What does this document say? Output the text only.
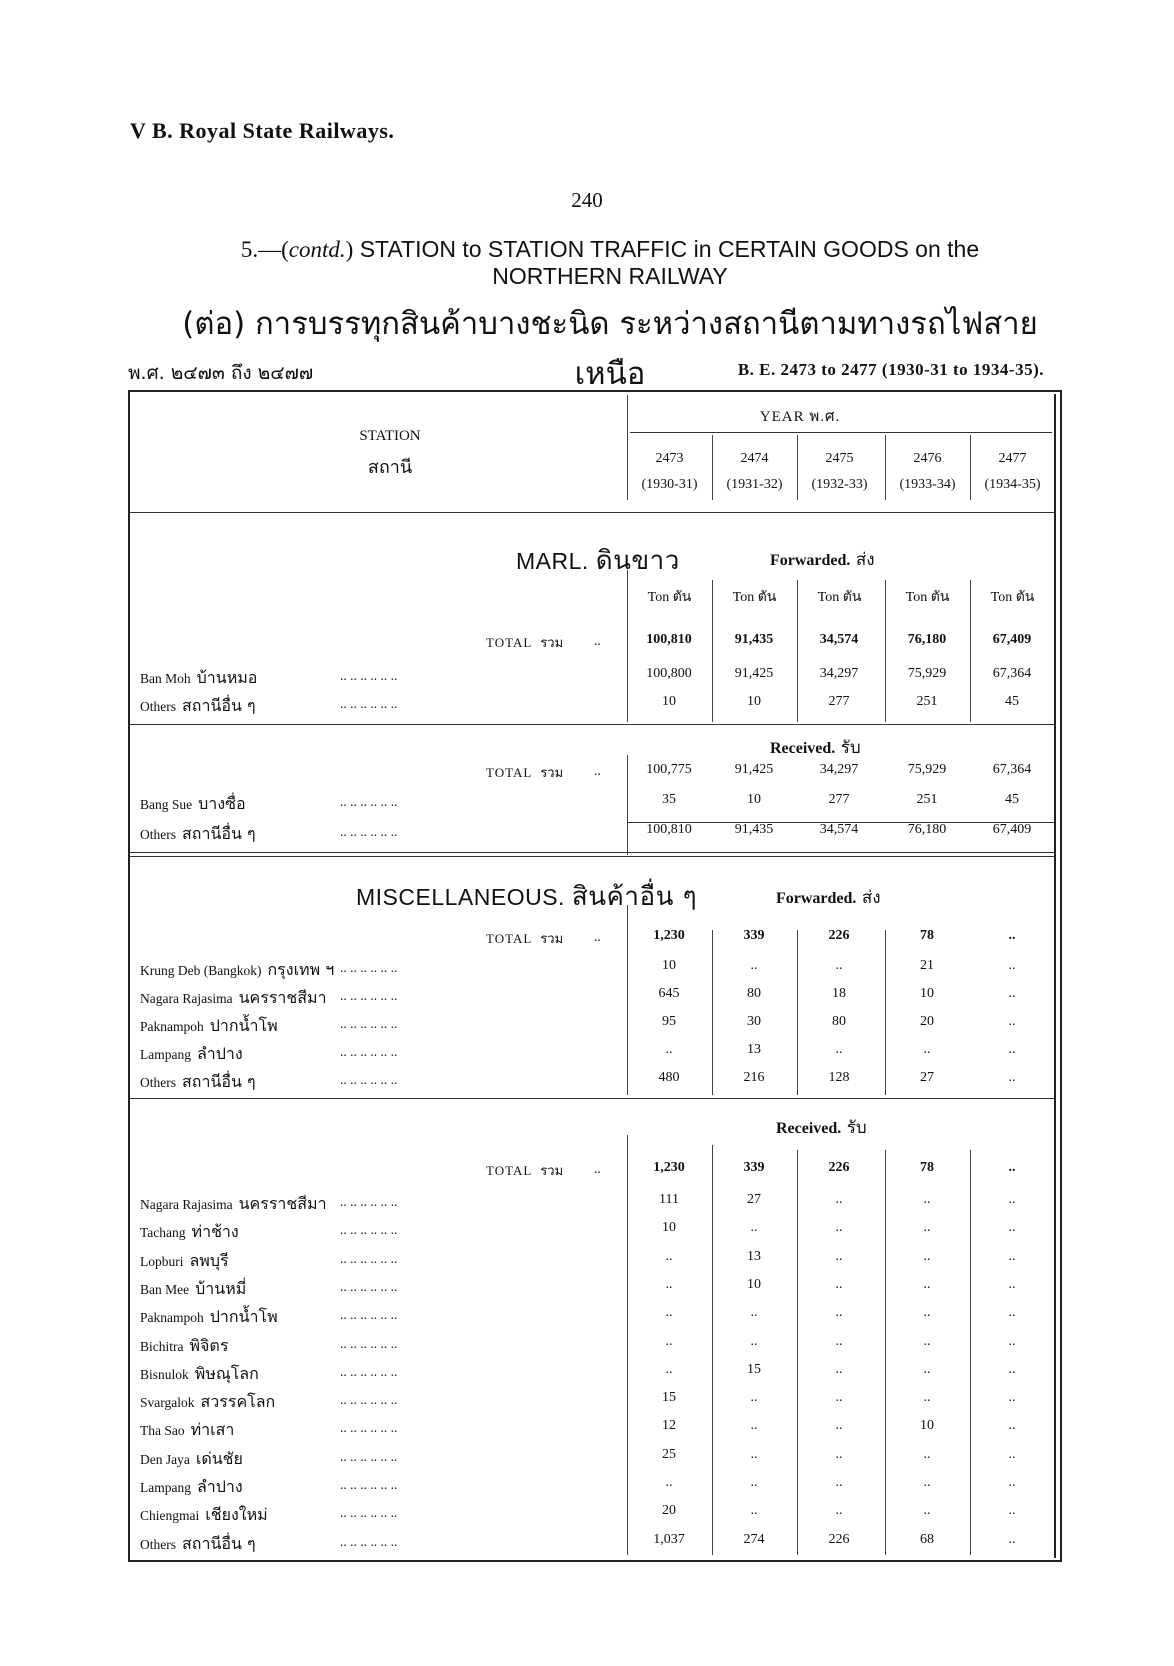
V B. Royal State Railways.
240
5.—(contd.) STATION to STATION TRAFFIC in CERTAIN GOODS on the
NORTHERN RAILWAY
(ต่อ) การบรรทุกสินค้าบางชะนิด ระหว่างสถานีตามทางรถไฟสายเหนือ
พ.ศ. ๒๔๗๓ ถึง ๒๔๗๗	B. E. 2473 to 2477 (1930-31 to 1934-35).
STATION
สถานี
YEAR พ.ศ.
2473
(1930-31)
2474
(1931-32)
2475
(1932-33)
2476
(1933-34)
2477
(1934-35)
MARL. ดินขาว	Forwarded. ส่ง
Ton ตัน	Ton ตัน	Ton ตัน	Ton ตัน	Ton ตัน
TOTAL รวม ..	100,810	91,435	34,574	76,180	67,409
Ban Moh บ้านหมอ	.. .. .. .. .. ..	100,800	91,425	34,297	75,929	67,364
Others สถานีอื่น ๆ	.. .. .. .. .. ..	10	10	277	251	45
Received. รับ
TOTAL รวม ..	100,775	91,425	34,297	75,929	67,364
Bang Sue บางซื่อ	.. .. .. .. .. ..	35	10	277	251	45
Others สถานีอื่น ๆ	.. .. .. .. .. ..	100,810	91,435	34,574	76,180	67,409
MISCELLANEOUS. สินค้าอื่น ๆ	Forwarded. ส่ง
TOTAL รวม ..	1,230	339	226	78	..
Krung Deb (Bangkok) กรุงเทพ ฯ .. .. .. .. .. ..	10	..	..	21	..
Nagara Rajasima นครราชสีมา .. .. .. .. .. ..	645	80	18	10	..
Paknampoh ปากน้ำโพ	.. .. .. .. .. ..	95	30	80	20	..
Lampang ลำปาง	.. .. .. .. .. ..	..	13	..	..	..
Others สถานีอื่น ๆ	.. .. .. .. .. ..	480	216	128	27	..
Received. รับ
TOTAL รวม ..	1,230	339	226	78	..
Nagara Rajasima นครราชสีมา .. .. .. .. .. ..	111	27	..	..	..
Tachang ท่าช้าง	.. .. .. .. .. ..	10	..	..	..	..
Lopburi ลพบุรี	.. .. .. .. .. ..	..	13	..	..	..
Ban Mee บ้านหมี่	.. .. .. .. .. ..	..	10	..	..	..
Paknampoh ปากน้ำโพ	.. .. .. .. .. ..	..	..	..	..	..
Bichitra พิจิตร	.. .. .. .. .. ..	..	..	..	..	..
Bisnulok พิษณุโลก	.. .. .. .. .. ..	..	15	..	..	..
Svargalok สวรรคโลก	.. .. .. .. .. ..	15	..	..	..	..
Tha Sao ท่าเสา	.. .. .. .. .. ..	12	..	..	10	..
Den Jaya เด่นชัย	.. .. .. .. .. ..	25	..	..	..	..
Lampang ลำปาง	.. .. .. .. .. ..	..	..	..	..	..
Chiengmai เชียงใหม่	.. .. .. .. .. ..	20	..	..	..	..
Others สถานีอื่น ๆ	.. .. .. .. .. ..	1,037	274	226	68	..
